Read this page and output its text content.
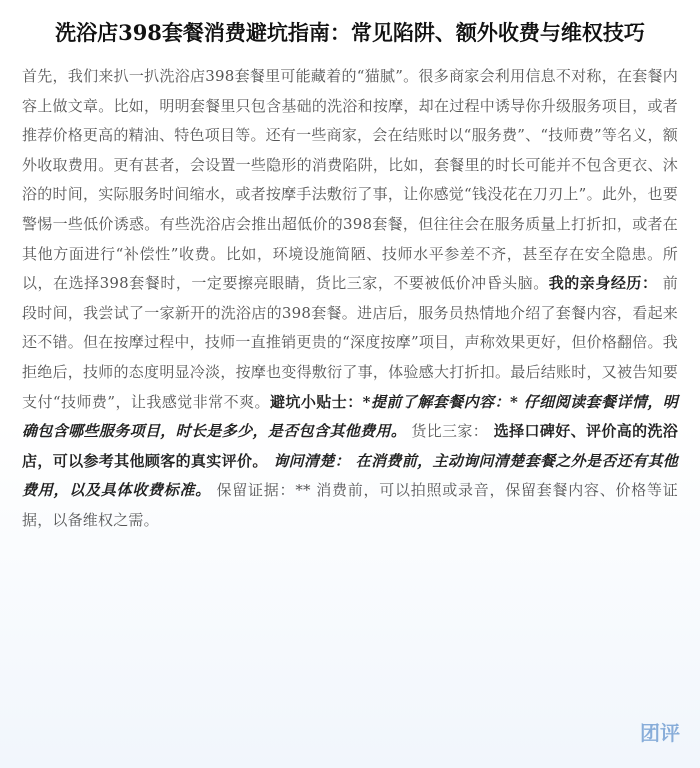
洗浴店398套餐消费避坑指南：常见陷阱、额外收费与维权技巧
首先，我们来扒一扒洗浴店398套餐里可能藏着的“猫腻”。很多商家会利用信息不对称，在套餐内容上做文章。比如，明明套餐里只包含基础的洗浴和按摩，却在过程中诱导你升级服务项目，或者推荐价格更高的精油、特色项目等。还有一些商家，会在结账时以“服务费”、“技师费”等名义，额外收取费用。更有甚者，会设置一些隐形的消费陷阱，比如，套餐里的时长可能并不包含更衣、沐浴的时间，实际服务时间缩水，或者按摩手法敷衍了事，让你感觉“钱没花在刀刃上”。此外，也要警惕一些低价诱惑。有些洗浴店会推出超低价的398套餐，但往往会在服务质量上打折扣，或者在其他方面进行“补偿性”收费。比如，环境设施简陋、技师水平参差不齐，甚至存在安全隐患。所以，在选择398套餐时，一定要擦亮眼睛，货比三家，不要被低价冲昏头脑。我的亲身经历： 前段时间，我尝试了一家新开的洗浴店的398套餐。进店后，服务员热情地介绍了套餐内容，看起来还不错。但在按摩过程中，技师一直推销更贵的“深度按摩”项目，声称效果更好，但价格翻倍。我拒绝后，技师的态度明显冷淡，按摩也变得敷衍了事，体验感大打折扣。最后结账时，又被告知要支付“技师费”，让我感觉非常不爽。避坑小贴士：*提前了解套餐内容：* 仔细阅读套餐详情，明确包含哪些服务项目，时长是多少，是否包含其他费用。 货比三家： 选择口碑好、评价高的洗浴店，可以参考其他顾客的真实评价。 询问清楚： 在消费前，主动询问清楚套餐之外是否还有其他费用，以及具体收费标准。 保留证据：** 消费前，可以拍照或录音，保留套餐内容、价格等证据，以备维权之需。
团评
